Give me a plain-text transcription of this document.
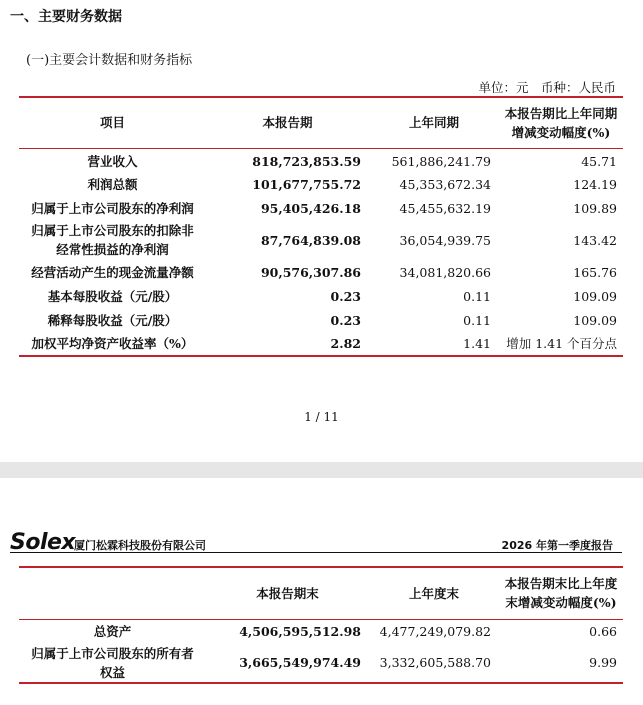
一、主要财务数据
(一)主要会计数据和财务指标
单位：元　币种：人民币
项目	本报告期	上年同期	本报告期比上年同期
增减变动幅度(%)

营业收入	818,723,853.59	561,886,241.79	45.71
利润总额	101,677,755.72	45,353,672.34	124.19
归属于上市公司股东的净利润	95,405,426.18	45,455,632.19	109.89

归属于上市公司股东的扣除非
经常性损益的净利润	87,764,839.08	36,054,939.75	143.42
经营活动产生的现金流量净额	90,576,307.86	34,081,820.66	165.76
基本每股收益（元/股）	0.23	0.11	109.09
稀释每股收益（元/股）	0.23	0.11	109.09
加权平均净资产收益率（%）	2.82	1.41	增加 1.41 个百分点
1 / 11
Solex
厦门松霖科技股份有限公司	2026 年第一季度报告
	本报告期末	上年度末	本报告期末比上年度
末增减变动幅度(%)

总资产	4,506,595,512.98	4,477,249,079.82	0.66

归属于上市公司股东的所有者
权益	3,665,549,974.49	3,332,605,588.70	9.99
